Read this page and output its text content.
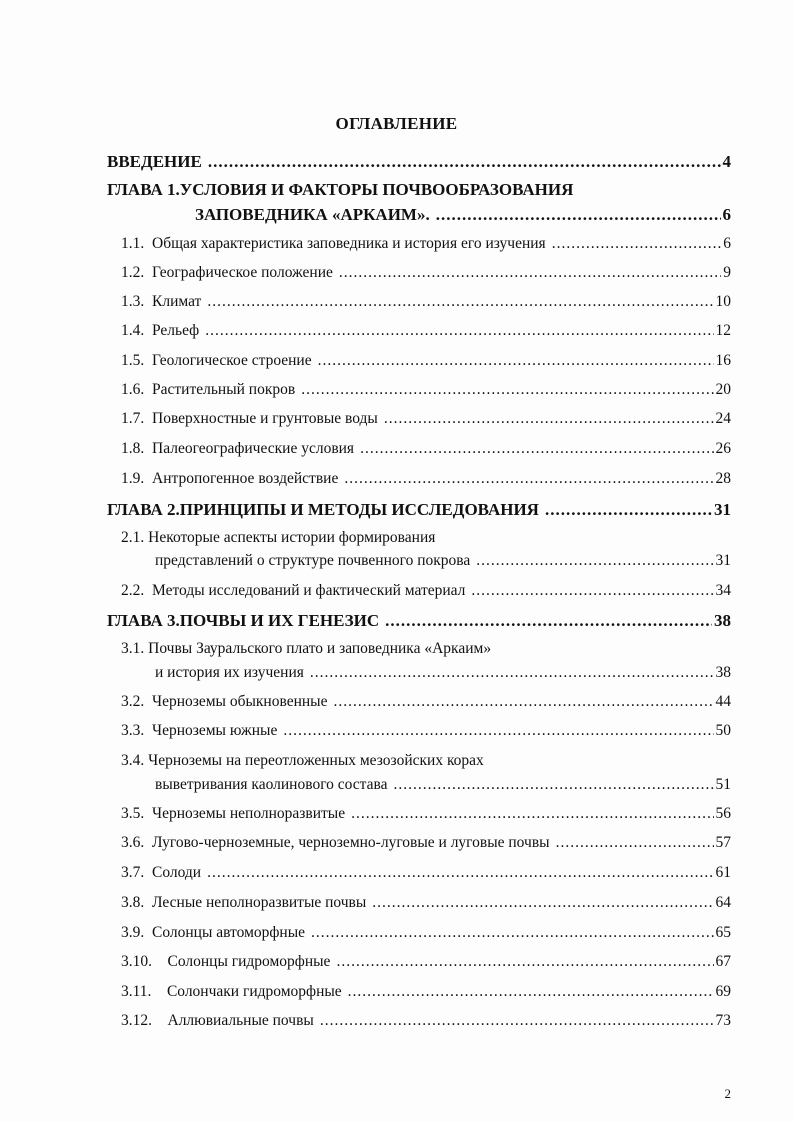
ОГЛАВЛЕНИЕ
ВВЕДЕНИЕ .....	4
ГЛАВА 1.УСЛОВИЯ И ФАКТОРЫ ПОЧВООБРАЗОВАНИЯ
ЗАПОВЕДНИКА «АРКАИМ». .....	6
1.1. Общая характеристика заповедника и история его изучения .....	6
1.2. Географическое положение .....	9
1.3. Климат .....	10
1.4. Рельеф .....	12
1.5. Геологическое строение .....	16
1.6. Растительный покров .....	20
1.7. Поверхностные и грунтовые воды .....	24
1.8. Палеогеографические условия .....	26
1.9. Антропогенное воздействие .....	28
ГЛАВА 2.ПРИНЦИПЫ И МЕТОДЫ ИССЛЕДОВАНИЯ .....	31
2.1. Некоторые аспекты истории формирования
представлений о структуре почвенного покрова .....	31
2.2. Методы исследований и фактический материал .....	34
ГЛАВА 3.ПОЧВЫ И ИХ ГЕНЕЗИС .....	38
3.1. Почвы Зауральского плато и заповедника «Аркаим»
и история их изучения .....	38
3.2. Черноземы обыкновенные .....	44
3.3. Черноземы южные .....	50
3.4. Черноземы на переотложенных мезозойских корах
выветривания каолинового состава .....	51
3.5. Черноземы неполноразвитые .....	56
3.6. Лугово-черноземные, черноземно-луговые и луговые почвы .....	57
3.7. Солоди .....	61
3.8. Лесные неполноразвитые почвы .....	64
3.9. Солонцы автоморфные .....	65
3.10. Солонцы гидроморфные .....	67
3.11. Солончаки гидроморфные .....	69
3.12. Аллювиальные почвы .....	73
2
